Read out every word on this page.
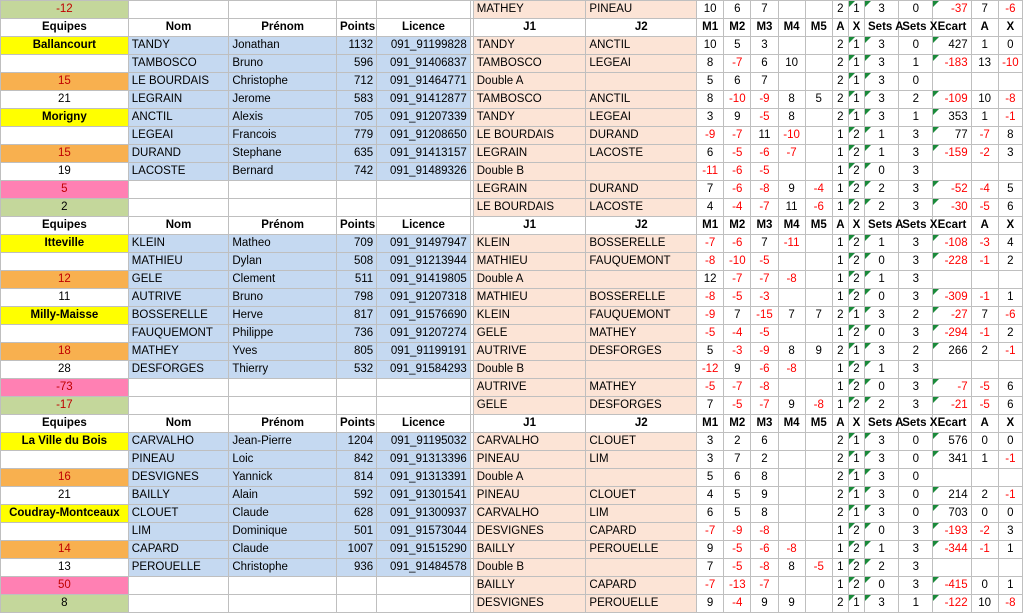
-12						MATHEY	PINEAU	10	6	7			2	1	3	0	-37	7	-6
Equipes	Nom	Prénom	Points	Licence		J1	J2	M1	M2	M3	M4	M5	A	X	Sets A	Sets X	Ecart	A	X
Ballancourt	TANDY	Jonathan	1132	091_91199828		TANDY	ANCTIL	10	5	3			2	1	3	0	427	1	0
	TAMBOSCO	Bruno	596	091_91406837		TAMBOSCO	LEGEAI	8	-7	6	10		2	1	3	1	-183	13	-10
15	LE BOURDAIS	Christophe	712	091_91464771		Double A		5	6	7			2	1	3	0			
21	LEGRAIN	Jerome	583	091_91412877		TAMBOSCO	ANCTIL	8	-10	-9	8	5	2	1	3	2	-109	10	-8
Morigny	ANCTIL	Alexis	705	091_91207339		TANDY	LEGEAI	3	9	-5	8		2	1	3	1	353	1	-1
	LEGEAI	Francois	779	091_91208650		LE BOURDAIS	DURAND	-9	-7	11	-10		1	2	1	3	77	-7	8
15	DURAND	Stephane	635	091_91413157		LEGRAIN	LACOSTE	6	-5	-6	-7		1	2	1	3	-159	-2	3
19	LACOSTE	Bernard	742	091_91489326		Double B		-11	-6	-5			1	2	0	3			
5						LEGRAIN	DURAND	7	-6	-8	9	-4	1	2	2	3	-52	-4	5
2						LE BOURDAIS	LACOSTE	4	-4	-7	11	-6	1	2	2	3	-30	-5	6
Equipes	Nom	Prénom	Points	Licence		J1	J2	M1	M2	M3	M4	M5	A	X	Sets A	Sets X	Ecart	A	X
Itteville	KLEIN	Matheo	709	091_91497947		KLEIN	BOSSERELLE	-7	-6	7	-11		1	2	1	3	-108	-3	4
	MATHIEU	Dylan	508	091_91213944		MATHIEU	FAUQUEMONT	-8	-10	-5			1	2	0	3	-228	-1	2
12	GELE	Clement	511	091_91419805		Double A		12	-7	-7	-8		1	2	1	3			
11	AUTRIVE	Bruno	798	091_91207318		MATHIEU	BOSSERELLE	-8	-5	-3			1	2	0	3	-309	-1	1
Milly-Maisse	BOSSERELLE	Herve	817	091_91576690		KLEIN	FAUQUEMONT	-9	7	-15	7	7	2	1	3	2	-27	7	-6
	FAUQUEMONT	Philippe	736	091_91207274		GELE	MATHEY	-5	-4	-5			1	2	0	3	-294	-1	2
18	MATHEY	Yves	805	091_91199191		AUTRIVE	DESFORGES	5	-3	-9	8	9	2	1	3	2	266	2	-1
28	DESFORGES	Thierry	532	091_91584293		Double B		-12	9	-6	-8		1	2	1	3			
-73						AUTRIVE	MATHEY	-5	-7	-8			1	2	0	3	-7	-5	6
-17						GELE	DESFORGES	7	-5	-7	9	-8	1	2	2	3	-21	-5	6
Equipes	Nom	Prénom	Points	Licence		J1	J2	M1	M2	M3	M4	M5	A	X	Sets A	Sets X	Ecart	A	X
La Ville du Bois	CARVALHO	Jean-Pierre	1204	091_91195032		CARVALHO	CLOUET	3	2	6			2	1	3	0	576	0	0
	PINEAU	Loic	842	091_91313396		PINEAU	LIM	3	7	2			2	1	3	0	341	1	-1
16	DESVIGNES	Yannick	814	091_91313391		Double A		5	6	8			2	1	3	0			
21	BAILLY	Alain	592	091_91301541		PINEAU	CLOUET	4	5	9			2	1	3	0	214	2	-1
Coudray-Montceaux	CLOUET	Claude	628	091_91300937		CARVALHO	LIM	6	5	8			2	1	3	0	703	0	0
	LIM	Dominique	501	091_91573044		DESVIGNES	CAPARD	-7	-9	-8			1	2	0	3	-193	-2	3
14	CAPARD	Claude	1007	091_91515290		BAILLY	PEROUELLE	9	-5	-6	-8		1	2	1	3	-344	-1	1
13	PEROUELLE	Christophe	936	091_91484578		Double B		7	-5	-8	8	-5	1	2	2	3			
50						BAILLY	CAPARD	-7	-13	-7			1	2	0	3	-415	0	1
8						DESVIGNES	PEROUELLE	9	-4	9	9		2	1	3	1	-122	10	-8
